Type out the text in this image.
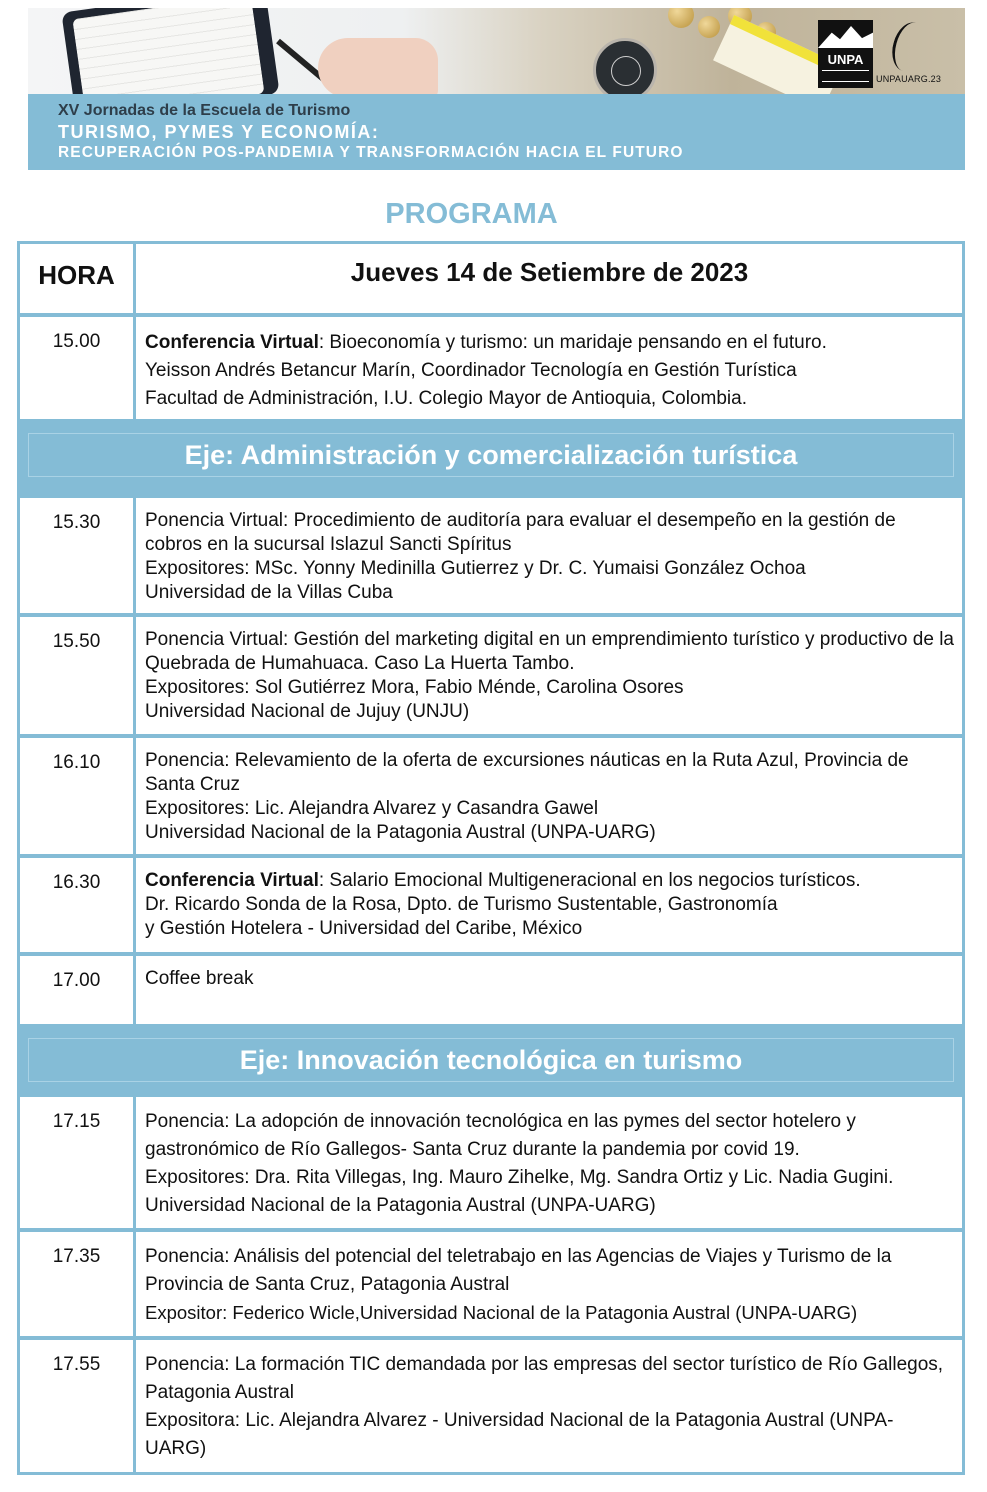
UNPA
UNPAUARG.23
XV Jornadas de la Escuela de Turismo
TURISMO, PYMES Y ECONOMÍA:
RECUPERACIÓN POS-PANDEMIA Y TRANSFORMACIÓN HACIA EL FUTURO
PROGRAMA
HORA	Jueves 14 de Setiembre de 2023
15.00	Conferencia Virtual: Bioeconomía y turismo: un maridaje pensando en el futuro.

Yeisson Andrés Betancur Marín, Coordinador Tecnología en Gestión Turística

Facultad de Administración, I.U. Colegio Mayor de Antioquia, Colombia.

Eje: Administración y comercialización turística
15.30	Ponencia Virtual: Procedimiento de auditoría para evaluar el desempeño en la gestión de cobros en la sucursal Islazul Sancti Spíritus

Expositores: MSc. Yonny Medinilla Gutierrez y Dr. C. Yumaisi González Ochoa

Universidad de la Villas Cuba

15.50	Ponencia Virtual: Gestión del marketing digital en un emprendimiento turístico y productivo de la Quebrada de Humahuaca. Caso La Huerta Tambo.

Expositores: Sol Gutiérrez Mora, Fabio Ménde, Carolina Osores

Universidad Nacional de Jujuy (UNJU)

16.10	Ponencia: Relevamiento de la oferta de excursiones náuticas en la Ruta Azul, Provincia de Santa Cruz

Expositores: Lic. Alejandra Alvarez y Casandra Gawel

Universidad Nacional de la Patagonia Austral (UNPA-UARG)

16.30	Conferencia Virtual: Salario Emocional Multigeneracional en los negocios turísticos.

Dr. Ricardo Sonda de la Rosa, Dpto. de Turismo Sustentable, Gastronomía

y Gestión Hotelera - Universidad del Caribe, México

17.00	Coffee break

Eje: Innovación tecnológica en turismo
17.15	Ponencia: La adopción de innovación tecnológica en las pymes del sector hotelero y gastronómico de Río Gallegos- Santa Cruz durante la pandemia por covid 19.

Expositores: Dra. Rita Villegas, Ing. Mauro Zihelke, Mg. Sandra Ortiz y Lic. Nadia Gugini. Universidad Nacional de la Patagonia Austral (UNPA-UARG)

17.35	Ponencia: Análisis del potencial del teletrabajo en las Agencias de Viajes y Turismo de la Provincia de Santa Cruz, Patagonia Austral

Expositor: Federico Wicle,Universidad Nacional de la Patagonia Austral (UNPA-UARG)

17.55	Ponencia: La formación TIC demandada por las empresas del sector turístico de Río Gallegos, Patagonia Austral

Expositora: Lic. Alejandra Alvarez - Universidad Nacional de la Patagonia Austral (UNPA-UARG)
